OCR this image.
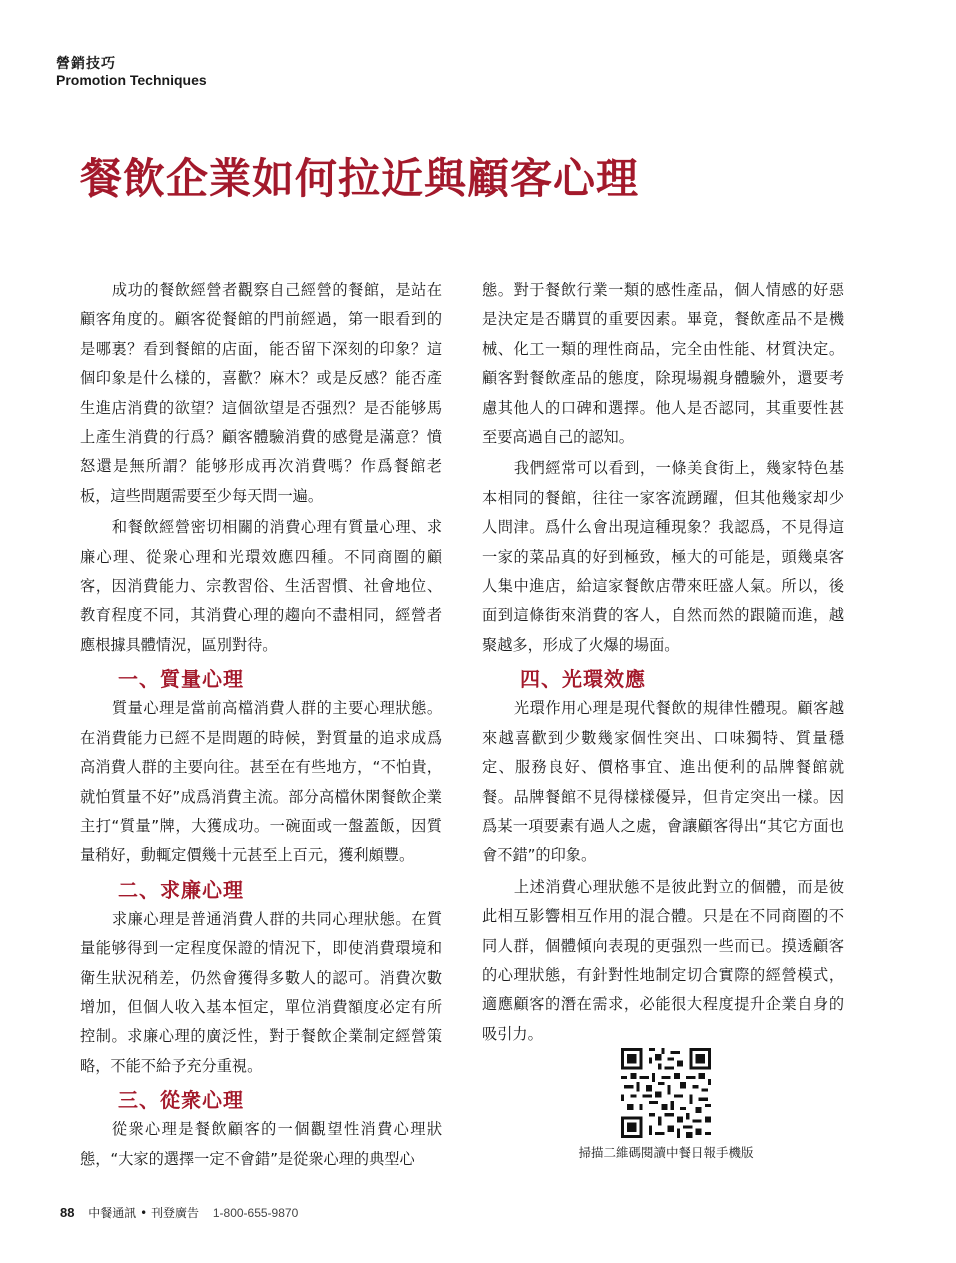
營銷技巧
Promotion Techniques
餐飲企業如何拉近與顧客心理

成功的餐飲經營者觀察自己經營的餐館，是站在顧客角度的。顧客從餐館的門前經過，第一眼看到的是哪裏？看到餐館的店面，能否留下深刻的印象？這個印象是什么樣的，喜歡？麻木？或是反感？能否產生進店消費的欲望？這個欲望是否强烈？是否能够馬上產生消費的行爲？顧客體驗消費的感覺是滿意？憤怒還是無所謂？能够形成再次消費嗎？作爲餐館老板，這些問題需要至少每天問一遍。

和餐飲經營密切相關的消費心理有質量心理、求廉心理、從衆心理和光環效應四種。不同商圈的顧客，因消費能力、宗教習俗、生活習慣、社會地位、教育程度不同，其消費心理的趨向不盡相同，經營者應根據具體情況，區別對待。

一、質量心理

質量心理是當前高檔消費人群的主要心理狀態。在消費能力已經不是問題的時候，對質量的追求成爲高消費人群的主要向往。甚至在有些地方，“不怕貴，就怕質量不好”成爲消費主流。部分高檔休閑餐飲企業主打“質量”牌，大獲成功。一碗面或一盤蓋飯，因質量稍好，動輒定價幾十元甚至上百元，獲利頗豐。

二、求廉心理

求廉心理是普通消費人群的共同心理狀態。在質量能够得到一定程度保證的情況下，即使消費環境和衛生狀況稍差，仍然會獲得多數人的認可。消費次數增加，但個人收入基本恒定，單位消費額度必定有所控制。求廉心理的廣泛性，對于餐飲企業制定經營策略，不能不給予充分重視。

三、從衆心理

從衆心理是餐飲顧客的一個觀望性消費心理狀態，“大家的選擇一定不會錯”是從衆心理的典型心

態。對于餐飲行業一類的感性產品，個人情感的好惡是決定是否購買的重要因素。畢竟，餐飲產品不是機械、化工一類的理性商品，完全由性能、材質決定。顧客對餐飲產品的態度，除現場親身體驗外，還要考慮其他人的口碑和選擇。他人是否認同，其重要性甚至要高過自己的認知。

我們經常可以看到，一條美食街上，幾家特色基本相同的餐館，往往一家客流踴躍，但其他幾家却少人問津。爲什么會出現這種現象？我認爲，不見得這一家的菜品真的好到極致，極大的可能是，頭幾桌客人集中進店，給這家餐飲店帶來旺盛人氣。所以，後面到這條街來消費的客人，自然而然的跟隨而進，越聚越多，形成了火爆的場面。

四、光環效應

光環作用心理是現代餐飲的規律性體現。顧客越來越喜歡到少數幾家個性突出、口味獨特、質量穩定、服務良好、價格事宜、進出便利的品牌餐館就餐。品牌餐館不見得樣樣優异，但肯定突出一樣。因爲某一項要素有過人之處，會讓顧客得出“其它方面也會不錯”的印象。

上述消費心理狀態不是彼此對立的個體，而是彼此相互影響相互作用的混合體。只是在不同商圈的不同人群，個體傾向表現的更强烈一些而已。摸透顧客的心理狀態，有針對性地制定切合實際的經營模式，適應顧客的潛在需求，必能很大程度提升企業自身的吸引力。

掃描二維碼閱讀中餐日報手機版
88 中餐通訊 • 刊登廣告 1-800-655-9870
